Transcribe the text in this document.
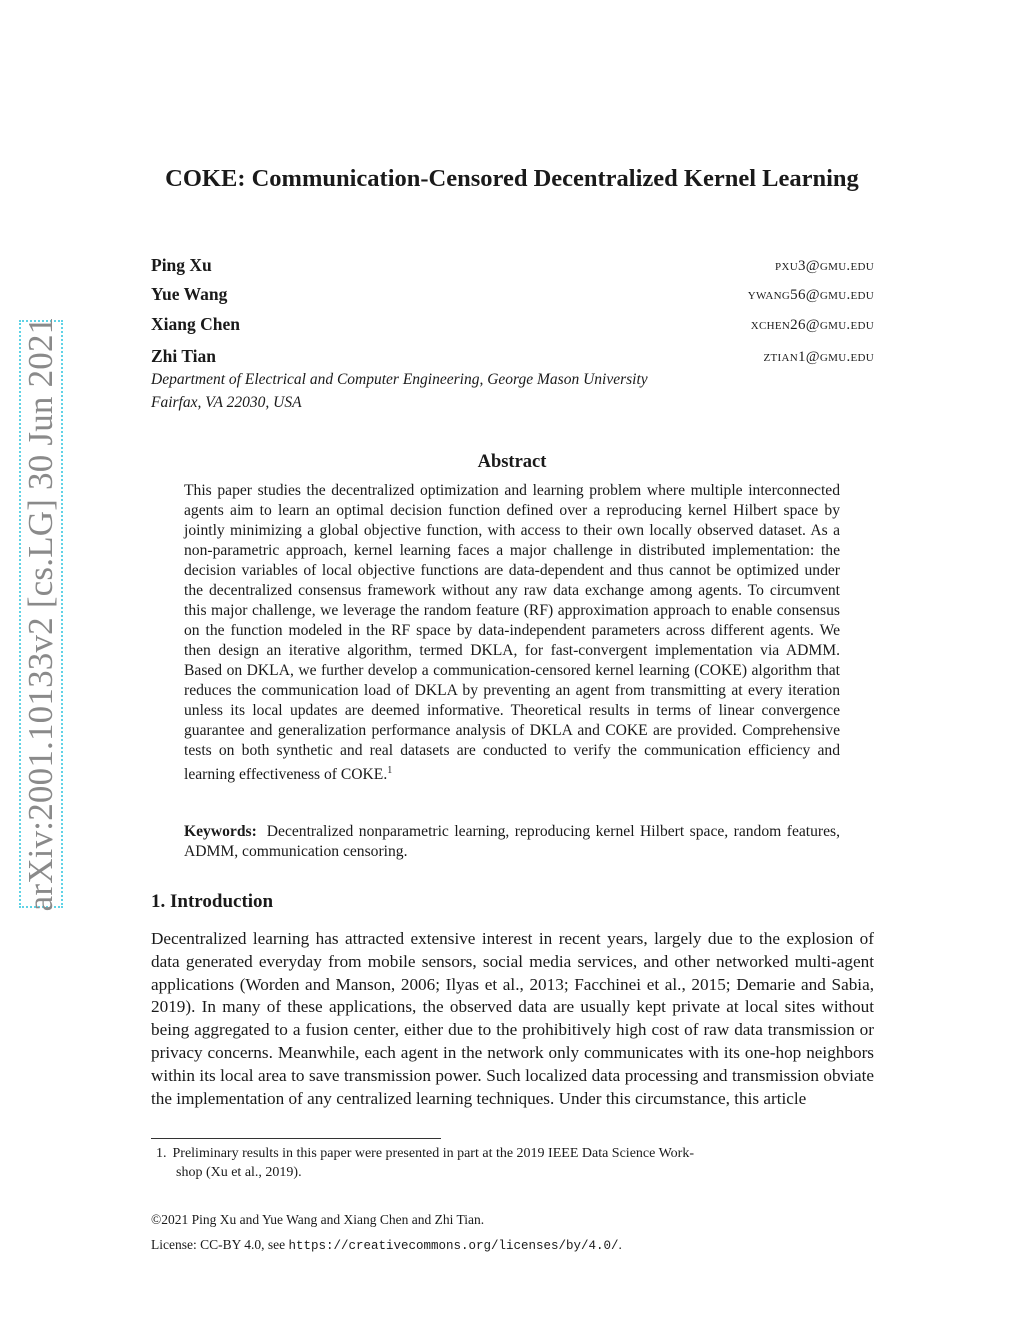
arXiv:2001.10133v2 [cs.LG] 30 Jun 2021
COKE: Communication-Censored Decentralized Kernel Learning
Ping Xu	pxu3@gmu.edu
Yue Wang	ywang56@gmu.edu
Xiang Chen	xchen26@gmu.edu
Zhi Tian	ztian1@gmu.edu
Department of Electrical and Computer Engineering, George Mason University
Fairfax, VA 22030, USA
Abstract

This paper studies the decentralized optimization and learning problem where multiple interconnected agents aim to learn an optimal decision function defined over a reproducing kernel Hilbert space by jointly minimizing a global objective function, with access to their own locally observed dataset. As a non-parametric approach, kernel learning faces a major challenge in distributed implementation: the decision variables of local objective functions are data-dependent and thus cannot be optimized under the decentralized consensus framework without any raw data exchange among agents. To circumvent this major challenge, we leverage the random feature (RF) approximation approach to enable consensus on the function modeled in the RF space by data-independent parameters across different agents. We then design an iterative algorithm, termed DKLA, for fast-convergent implementation via ADMM. Based on DKLA, we further develop a communication-censored kernel learning (COKE) algorithm that reduces the communication load of DKLA by preventing an agent from transmitting at every iteration unless its local updates are deemed informative. Theoretical results in terms of linear convergence guarantee and generalization performance analysis of DKLA and COKE are provided. Comprehensive tests on both synthetic and real datasets are conducted to verify the communication efficiency and learning effectiveness of COKE.$^1$

Keywords: Decentralized nonparametric learning, reproducing kernel Hilbert space, random features, ADMM, communication censoring.

1. Introduction

Decentralized learning has attracted extensive interest in recent years, largely due to the explosion of data generated everyday from mobile sensors, social media services, and other networked multi-agent applications (Worden and Manson, 2006; Ilyas et al., 2013; Facchinei et al., 2015; Demarie and Sabia, 2019). In many of these applications, the observed data are usually kept private at local sites without being aggregated to a fusion center, either due to the prohibitively high cost of raw data transmission or privacy concerns. Meanwhile, each agent in the network only communicates with its one-hop neighbors within its local area to save transmission power. Such localized data processing and transmission obviate the implementation of any centralized learning techniques. Under this circumstance, this article

1. Preliminary results in this paper were presented in part at the 2019 IEEE Data Science Work-
shop (Xu et al., 2019).
©2021 Ping Xu and Yue Wang and Xiang Chen and Zhi Tian.
License: CC-BY 4.0, see https://creativecommons.org/licenses/by/4.0/.
